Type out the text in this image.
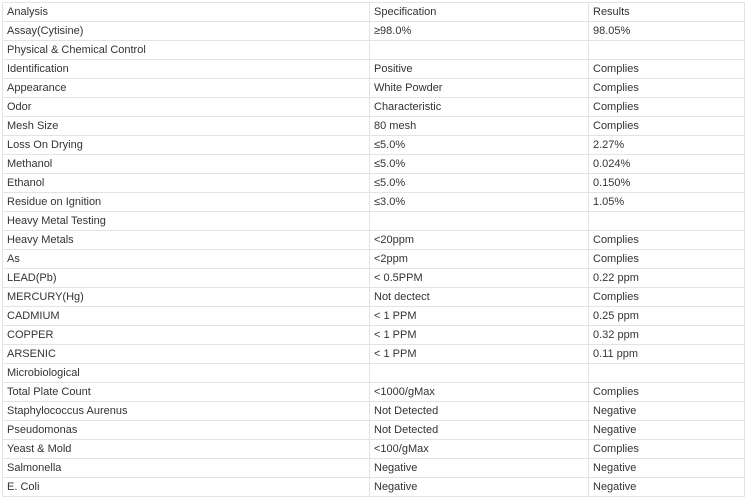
Analysis	Specification	Results
Assay(Cytisine)	≥98.0%	98.05%
Physical & Chemical Control		
Identification	Positive	Complies
Appearance	White Powder	Complies
Odor	Characteristic	Complies
Mesh Size	80 mesh	Complies
Loss On Drying	≤5.0%	2.27%
Methanol	≤5.0%	0.024%
Ethanol	≤5.0%	0.150%
Residue on Ignition	≤3.0%	1.05%
Heavy Metal Testing		
Heavy Metals	<20ppm	Complies
As	<2ppm	Complies
LEAD(Pb)	< 0.5PPM	0.22 ppm
MERCURY(Hg)	Not dectect	Complies
CADMIUM	< 1 PPM	0.25 ppm
COPPER	< 1 PPM	0.32 ppm
ARSENIC	< 1 PPM	0.11 ppm
Microbiological		
Total Plate Count	<1000/gMax	Complies
Staphylococcus Aurenus	Not Detected	Negative
Pseudomonas	Not Detected	Negative
Yeast & Mold	<100/gMax	Complies
Salmonella	Negative	Negative
E. Coli	Negative	Negative
